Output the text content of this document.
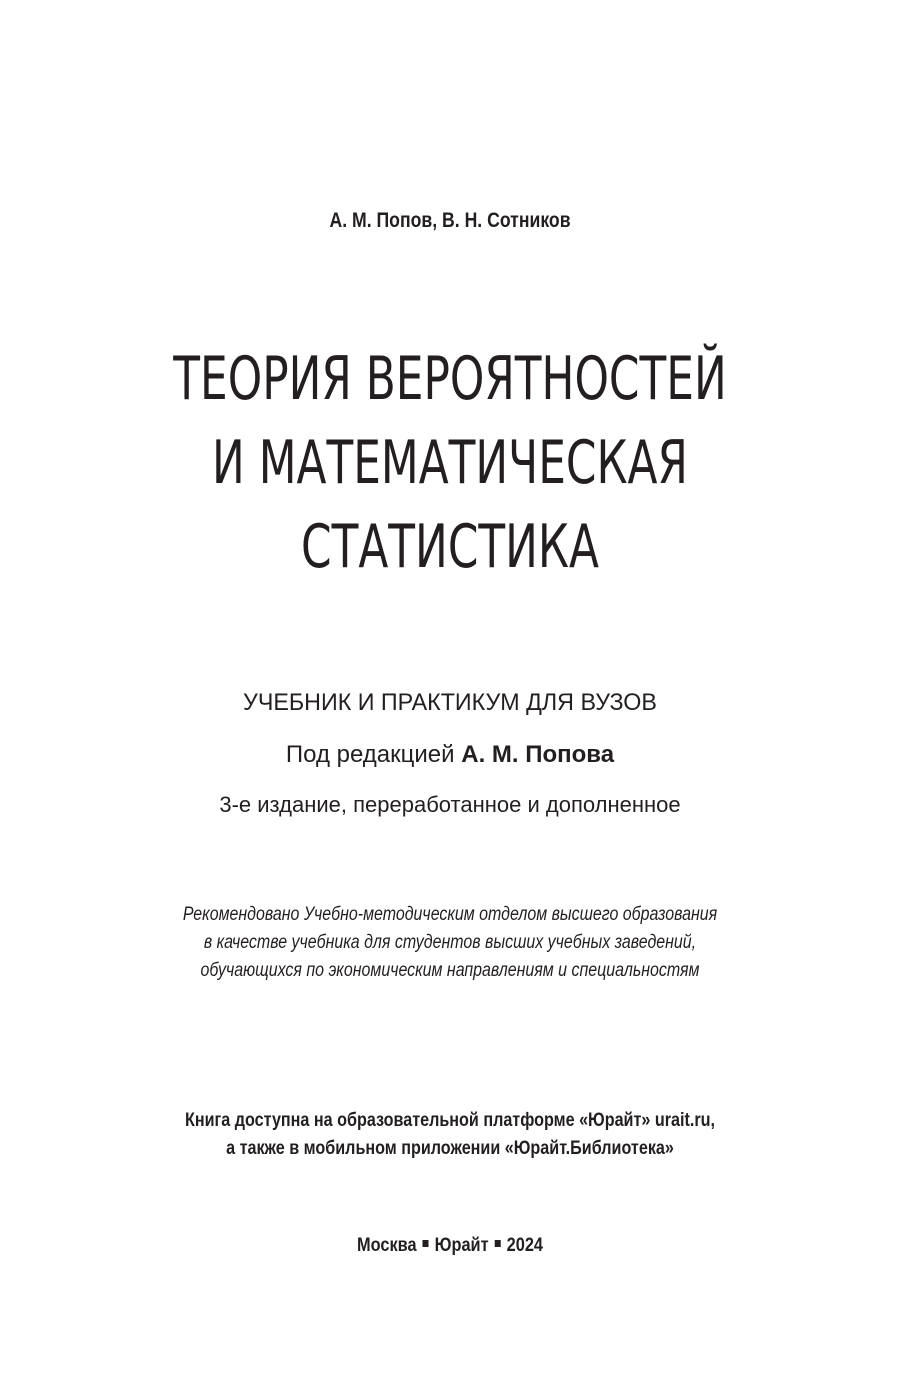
А. М. Попов, В. Н. Сотников

ТЕОРИЯ ВЕРОЯТНОСТЕЙ
И МАТЕМАТИЧЕСКАЯ
СТАТИСТИКА

УЧЕБНИК И ПРАКТИКУМ ДЛЯ ВУЗОВ

Под редакцией А. М. Попова

3-е издание, переработанное и дополненное

Рекомендовано Учебно-методическим отделом высшего образования
в качестве учебника для студентов высших учебных заведений,
обучающихся по экономическим направлениям и специальностям
Книга доступна на образовательной платформе «Юрайт» urait.ru,
а также в мобильном приложении «Юрайт.Библиотека»

Москва Юрайт 2024
